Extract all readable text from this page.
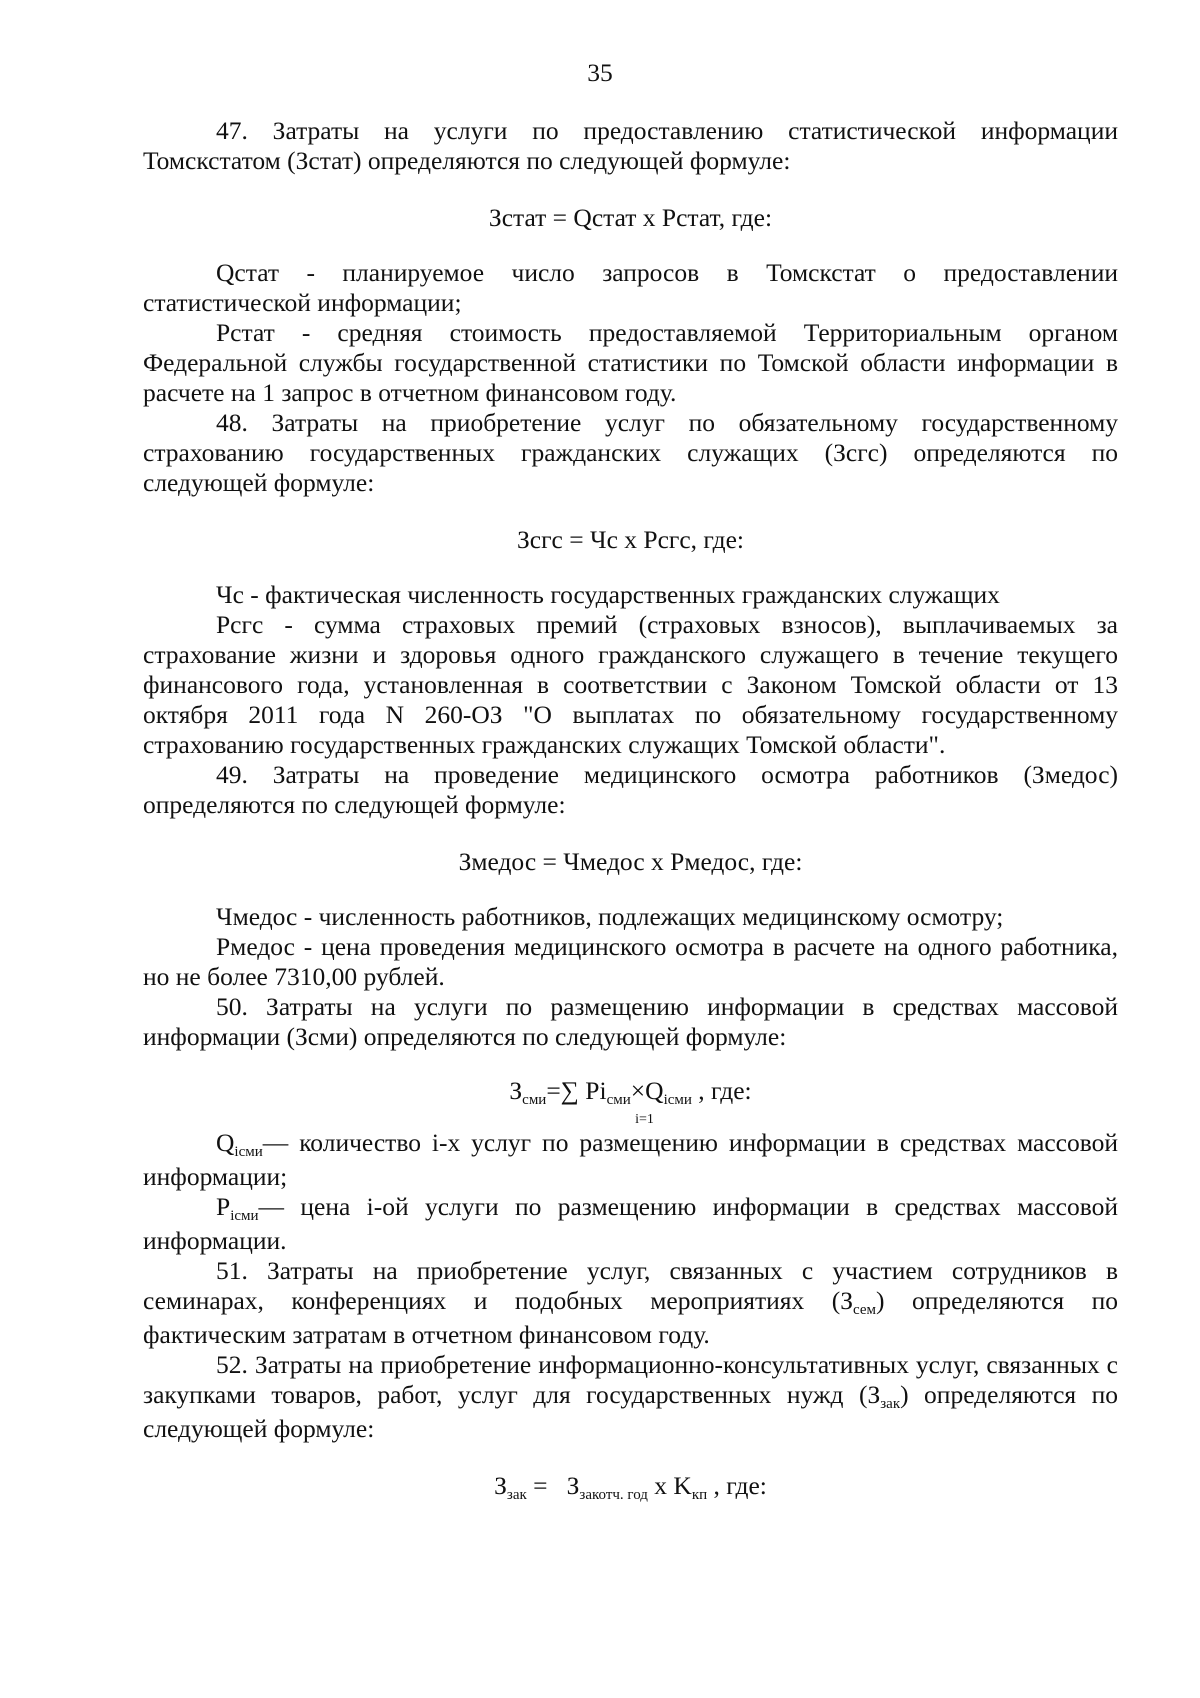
35

47. Затраты на услуги по предоставлению статистической информации Томскстатом (Зстат) определяются по следующей формуле:

Зстат = Qстат x Pстат, где:

Qстат - планируемое число запросов в Томскстат о предоставлении статистической информации;

Pстат - средняя стоимость предоставляемой Территориальным органом Федеральной службы государственной статистики по Томской области информации в расчете на 1 запрос в отчетном финансовом году.

48. Затраты на приобретение услуг по обязательному государственному страхованию государственных гражданских служащих (Зсгс) определяются по следующей формуле:

Зсгс = Чс x Pсгс, где:

Чс - фактическая численность государственных гражданских служащих

Pсгс - сумма страховых премий (страховых взносов), выплачиваемых за страхование жизни и здоровья одного гражданского служащего в течение текущего финансового года, установленная в соответствии с Законом Томской области от 13 октября 2011 года N 260-ОЗ "О выплатах по обязательному государственному страхованию государственных гражданских служащих Томской области".

49. Затраты на проведение медицинского осмотра работников (Змедос) определяются по следующей формуле:

Змедос = Чмедос x Pмедос, где:

Чмедос - численность работников, подлежащих медицинскому осмотру;

Pмедос - цена проведения медицинского осмотра в расчете на одного работника, но не более 7310,00 рублей.

50. Затраты на услуги по размещению информации в средствах массовой информации (Зсми) определяются по следующей формуле:

Зсми=∑ Piсми×Qiсми , где:
i=1

Qiсми— количество i-х услуг по размещению информации в средствах массовой информации;

Piсми— цена i-ой услуги по размещению информации в средствах массовой информации.

51. Затраты на приобретение услуг, связанных с участием сотрудников в семинарах, конференциях и подобных мероприятиях (Зсем) определяются по фактическим затратам в отчетном финансовом году.

52. Затраты на приобретение информационно-консультативных услуг, связанных с закупками товаров, работ, услуг для государственных нужд (Ззак) определяются по следующей формуле:

Ззак =   Ззакотч. год x Kкп , где:
